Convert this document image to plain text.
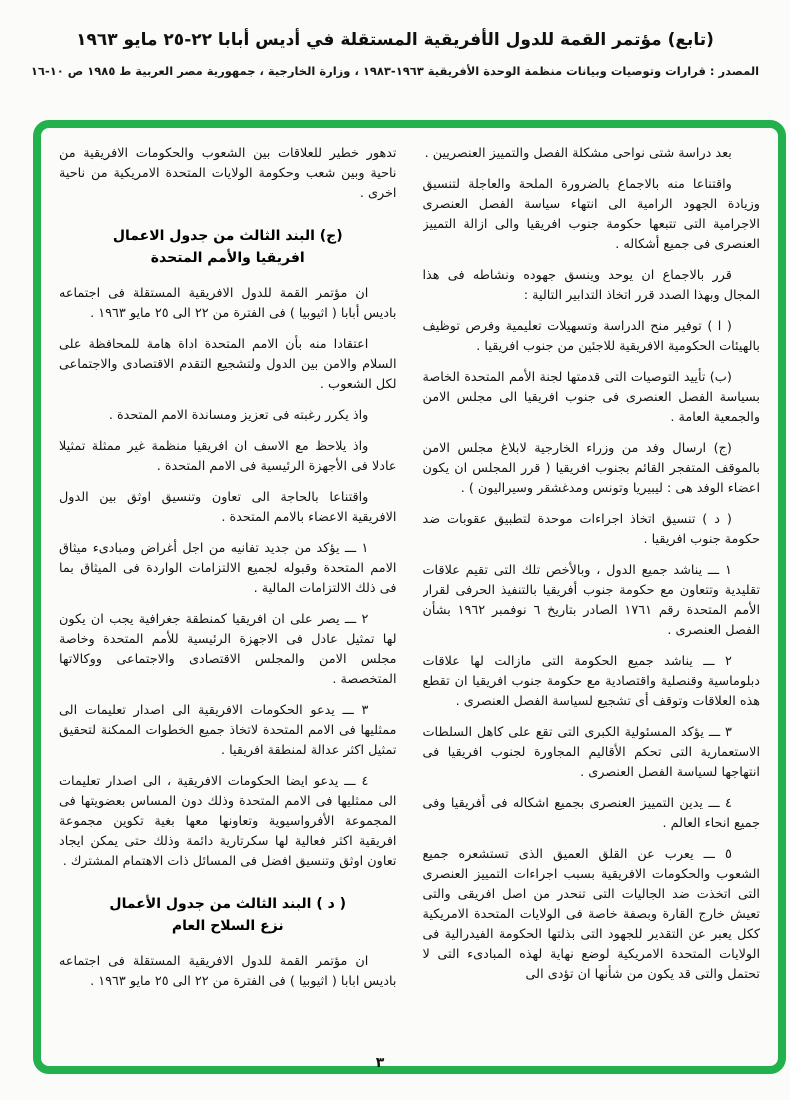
(تابع) مؤتمر القمة للدول الأفريقية المستقلة في أديس أبابا ٢٢-٢٥ مايو ١٩٦٣
المصدر : قرارات وتوصيات وبيانات منظمة الوحدة الأفريقية ١٩٦٣-١٩٨٣ ، وزارة الخارجية ، جمهورية مصر العربية ط ١٩٨٥ ص ١٠-١٦
بعد دراسة شتى نواحى مشكلة الفصل والتمييز العنصريين .
واقتناعا منه بالاجماع بالضرورة الملحة والعاجلة لتنسيق وزيادة الجهود الرامية الى انتهاء سياسة الفصل العنصرى الاجرامية التى تتبعها حكومة جنوب افريقيا والى ازالة التمييز العنصرى فى جميع أشكاله .
قرر بالاجماع ان يوحد وينسق جهوده ونشاطه فى هذا المجال وبهذا الصدد قرر اتخاذ التدابير التالية :
( ا ) توفير منح الدراسة وتسهيلات تعليمية وفرص توظيف بالهيئات الحكومية الافريقية للاجئين من جنوب افريقيا .
(ب) تأييد التوصيات التى قدمتها لجنة الأمم المتحدة الخاصة بسياسة الفصل العنصرى فى جنوب افريقيا الى مجلس الامن والجمعية العامة .
(ج) ارسال وفد من وزراء الخارجية لابلاغ مجلس الامن بالموقف المتفجر القائم بجنوب افريقيا ( قرر المجلس ان يكون اعضاء الوفد هى : ليبيريا وتونس ومدغشقر وسيراليون ) .
( د ) تنسيق اتخاذ اجراءات موحدة لتطبيق عقوبات ضد حكومة جنوب افريقيا .
١ ـــ يناشد جميع الدول ، وبالأخص تلك التى تقيم علاقات تقليدية وتتعاون مع حكومة جنوب أفريقيا بالتنفيذ الحرفى لقرار الأمم المتحدة رقم ١٧٦١ الصادر بتاريخ ٦ نوفمبر ١٩٦٢ بشأن الفصل العنصرى .
٢ ـــ يناشد جميع الحكومة التى مازالت لها علاقات دبلوماسية وقنصلية واقتصادية مع حكومة جنوب افريقيا ان تقطع هذه العلاقات وتوقف أى تشجيع لسياسة الفصل العنصرى .
٣ ـــ يؤكد المسئولية الكبرى التى تقع على كاهل السلطات الاستعمارية التى تحكم الأقاليم المجاورة لجنوب افريقيا فى انتهاجها لسياسة الفصل العنصرى .
٤ ـــ يدين التمييز العنصرى بجميع اشكاله فى أفريقيا وفى جميع انحاء العالم .
٥ ـــ يعرب عن القلق العميق الذى تستشعره جميع الشعوب والحكومات الافريقية بسبب اجراءات التمييز العنصرى التى اتخذت ضد الجاليات التى تنحدر من اصل افريقى والتى تعيش خارج القارة وبصفة خاصة فى الولايات المتحدة الامريكية ككل يعبر عن التقدير للجهود التى بذلتها الحكومة الفيدرالية فى الولايات المتحدة الامريكية لوضع نهاية لهذه المبادىء التى لا تحتمل والتى قد يكون من شأنها ان تؤدى الى
تدهور خطير للعلاقات بين الشعوب والحكومات الافريقية من ناحية وبين شعب وحكومة الولايات المتحدة الامريكية من ناحية اخرى .
(ج) البند الثالث من جدول الاعمال
افريقيا والأمم المتحدة
ان مؤتمر القمة للدول الافريقية المستقلة فى اجتماعه باديس أبابا ( اثيوبيا ) فى الفترة من ٢٢ الى ٢٥ مايو ١٩٦٣ .
اعتقادا منه بأن الامم المتحدة اداة هامة للمحافظة على السلام والامن بين الدول ولتشجيع التقدم الاقتصادى والاجتماعى لكل الشعوب .
واذ يكرر رغبته فى تعزيز ومساندة الامم المتحدة .
واذ يلاحظ مع الاسف ان افريقيا منظمة غير ممثلة تمثيلا عادلا فى الأجهزة الرئيسية فى الامم المتحدة .
واقتناعا بالحاجة الى تعاون وتنسيق اوثق بين الدول الافريقية الاعضاء بالامم المتحدة .
١ ـــ يؤكد من جديد تفانيه من اجل أغراض ومبادىء ميثاق الامم المتحدة وقبوله لجميع الالتزامات الواردة فى الميثاق بما فى ذلك الالتزامات المالية .
٢ ـــ يصر على ان افريقيا كمنطقة جغرافية يجب ان يكون لها تمثيل عادل فى الاجهزة الرئيسية للأمم المتحدة وخاصة مجلس الامن والمجلس الاقتصادى والاجتماعى ووكالاتها المتخصصة .
٣ ـــ يدعو الحكومات الافريقية الى اصدار تعليمات الى ممثليها فى الامم المتحدة لاتخاذ جميع الخطوات الممكنة لتحقيق تمثيل اكثر عدالة لمنطقة افريقيا .
٤ ـــ يدعو ايضا الحكومات الافريقية ، الى اصدار تعليمات الى ممثليها فى الامم المتحدة وذلك دون المساس بعضويتها فى المجموعة الأفرواسيوية وتعاونها معها بغية تكوين مجموعة افريقية اكثر فعالية لها سكرتارية دائمة وذلك حتى يمكن ايجاد تعاون اوثق وتنسيق افضل فى المسائل ذات الاهتمام المشترك .
( د ) البند الثالث من جدول الأعمال
نزع السلاح العام
ان مؤتمر القمة للدول الافريقية المستقلة فى اجتماعه باديس ابابا ( اثيوبيا ) فى الفترة من ٢٢ الى ٢٥ مايو ١٩٦٣ .
٣
